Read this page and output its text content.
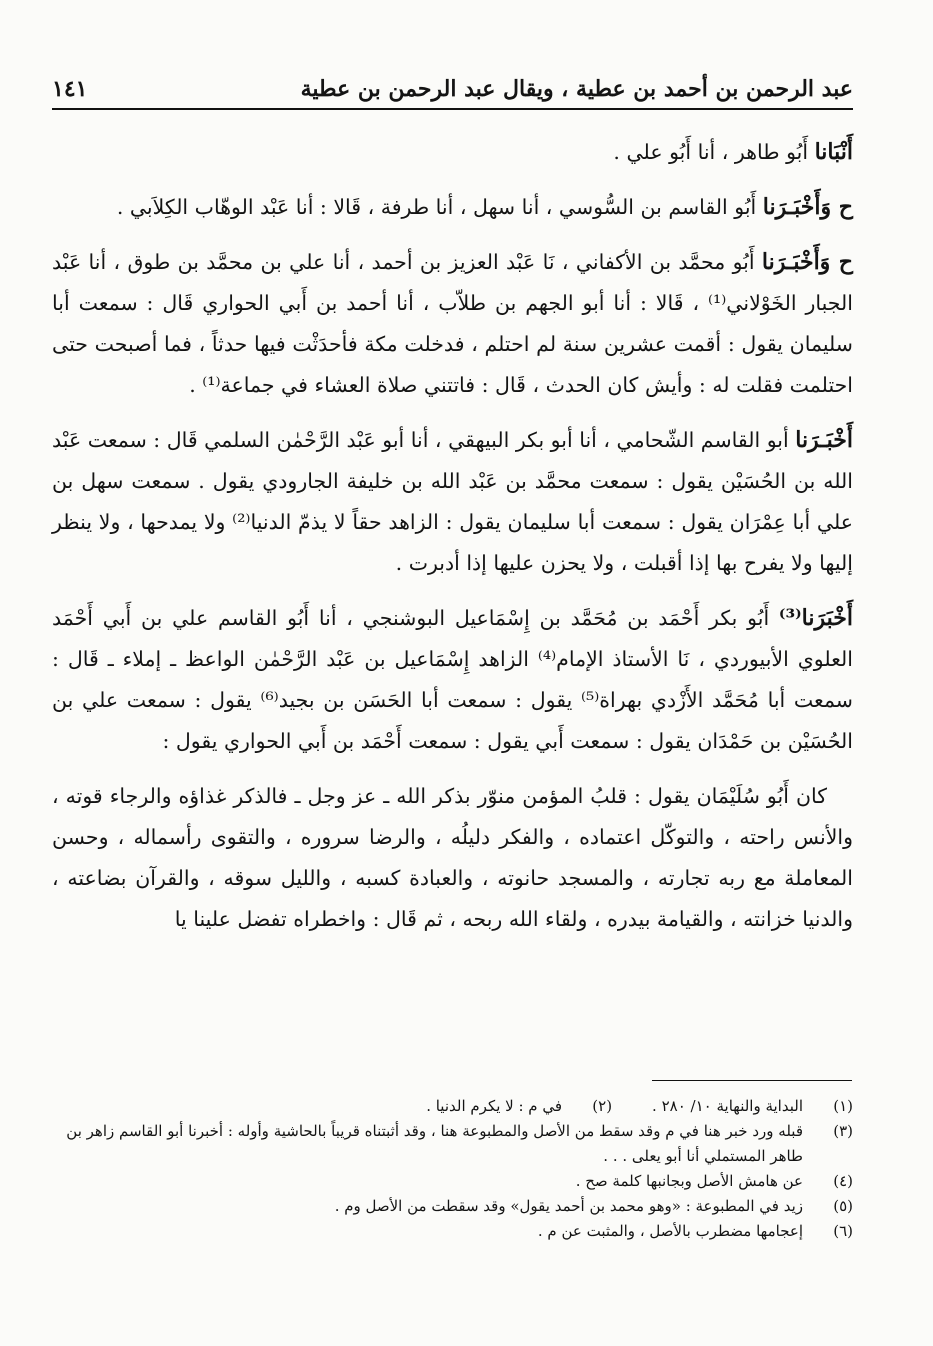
عبد الرحمن بن أحمد بن عطية ، ويقال عبد الرحمن بن عطية
١٤١

أَنْبَانا أَبُو طاهر ، أنا أَبُو علي .

ح وَأَخْبَـرَنا أَبُو القاسم بن السُّوسي ، أنا سهل ، أنا طرفة ، قَالا : أنا عَبْد الوهّاب الكِلاَبي .

ح وَأَخْبَـرَنا أَبُو محمَّد بن الأكفاني ، نَا عَبْد العزيز بن أحمد ، أنا علي بن محمَّد بن طوق ، أنا عَبْد الجبار الخَوْلاني⁽¹⁾ ، قَالا : أنا أبو الجهم بن طلاّب ، أنا أحمد بن أَبي الحواري قَال : سمعت أبا سليمان يقول : أقمت عشرين سنة لم احتلم ، فدخلت مكة فأحدَثْت فيها حدثاً ، فما أصبحت حتى احتلمت فقلت له : وأيش كان الحدث ، قَال : فاتتني صلاة العشاء في جماعة⁽¹⁾ .

أَخْبَـرَنا أبو القاسم الشّحامي ، أنا أبو بكر البيهقي ، أنا أبو عَبْد الرَّحْمٰن السلمي قَال : سمعت عَبْد الله بن الحُسَيْن يقول : سمعت محمَّد بن عَبْد الله بن خليفة الجارودي يقول . سمعت سهل بن علي أبا عِمْرَان يقول : سمعت أبا سليمان يقول : الزاهد حقاً لا يذمّ الدنيا⁽²⁾ ولا يمدحها ، ولا ينظر إليها ولا يفرح بها إذا أقبلت ، ولا يحزن عليها إذا أدبرت .

أَخْبَرَنا⁽³⁾ أَبُو بكر أَحْمَد بن مُحَمَّد بن إِسْمَاعيل البوشنجي ، أنا أَبُو القاسم علي بن أَبي أَحْمَد العلوي الأبيوردي ، نَا الأستاذ الإمام⁽⁴⁾ الزاهد إِسْمَاعيل بن عَبْد الرَّحْمٰن الواعظ ـ إملاء ـ قَال : سمعت أبا مُحَمَّد الأَزْدي بهراة⁽⁵⁾ يقول : سمعت أبا الحَسَن بن بجيد⁽⁶⁾ يقول : سمعت علي بن الحُسَيْن بن حَمْدَان يقول : سمعت أَبي يقول : سمعت أَحْمَد بن أَبي الحواري يقول :

كان أَبُو سُلَيْمَان يقول : قلبُ المؤمن منوّر بذكر الله ـ عز وجل ـ فالذكر غذاؤه والرجاء قوته ، والأنس راحته ، والتوكّل اعتماده ، والفكر دليلُه ، والرضا سروره ، والتقوى رأسماله ، وحسن المعاملة مع ربه تجارته ، والمسجد حانوته ، والعبادة كسبه ، والليل سوقه ، والقرآن بضاعته ، والدنيا خزانته ، والقيامة بيدره ، ولقاء الله ربحه ، ثم قَال : واخطراه تفضل علينا يا

(١)
البداية والنهاية ١٠/ ٢٨٠ .
(٢)
في م : لا يكرم الدنيا .
(٣)
قبله ورد خبر هنا في م وقد سقط من الأصل والمطبوعة هنا ، وقد أثبتناه قريباً بالحاشية وأوله : أخبرنا أبو القاسم زاهر بن طاهر المستملي أنا أبو يعلى . . .
(٤)
عن هامش الأصل وبجانبها كلمة صح .
(٥)
زيد في المطبوعة : «وهو محمد بن أحمد يقول» وقد سقطت من الأصل وم .
(٦)
إعجامها مضطرب بالأصل ، والمثبت عن م .
